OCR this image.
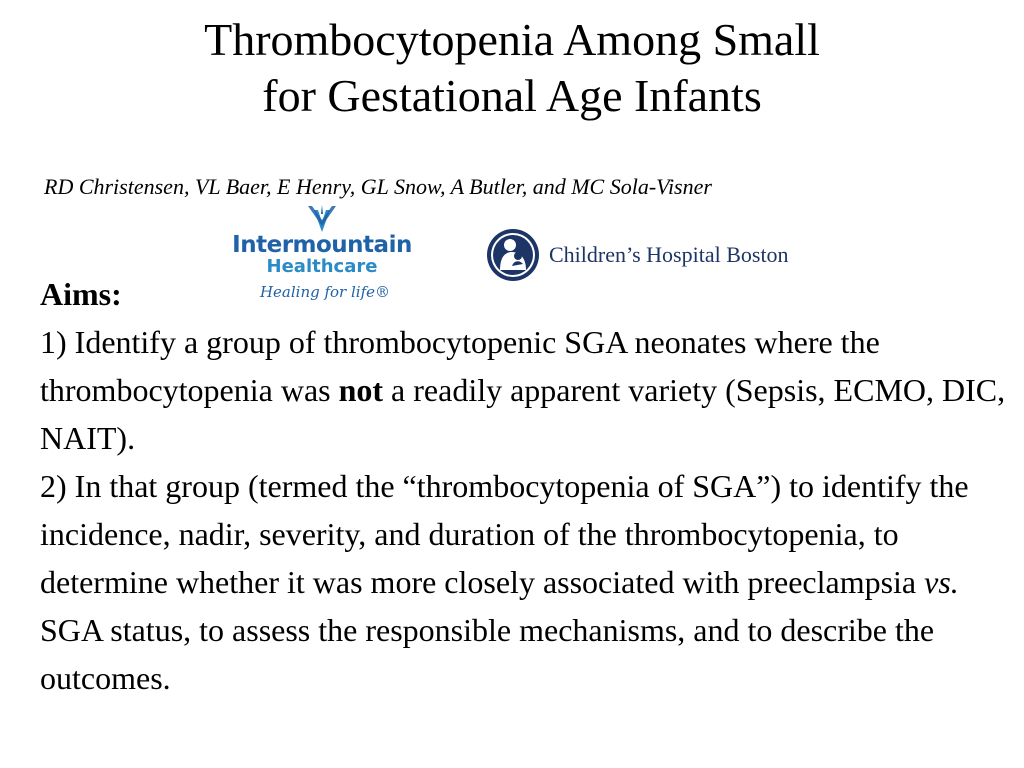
Thrombocytopenia Among Small
for Gestational Age Infants
RD Christensen, VL Baer, E Henry, GL Snow, A Butler, and MC Sola-Visner
Intermountain
Healthcare
Healing for life®
Children’s Hospital Boston

Aims:

1) Identify a group of thrombocytopenic SGA neonates where the thrombocytopenia was not a readily apparent variety (Sepsis, ECMO, DIC, NAIT).

2) In that group (termed the “thrombocytopenia of SGA”) to identify the incidence, nadir, severity, and duration of the thrombocytopenia, to determine whether it was more closely associated with preeclampsia vs. SGA status, to assess the responsible mechanisms, and to describe the outcomes.
